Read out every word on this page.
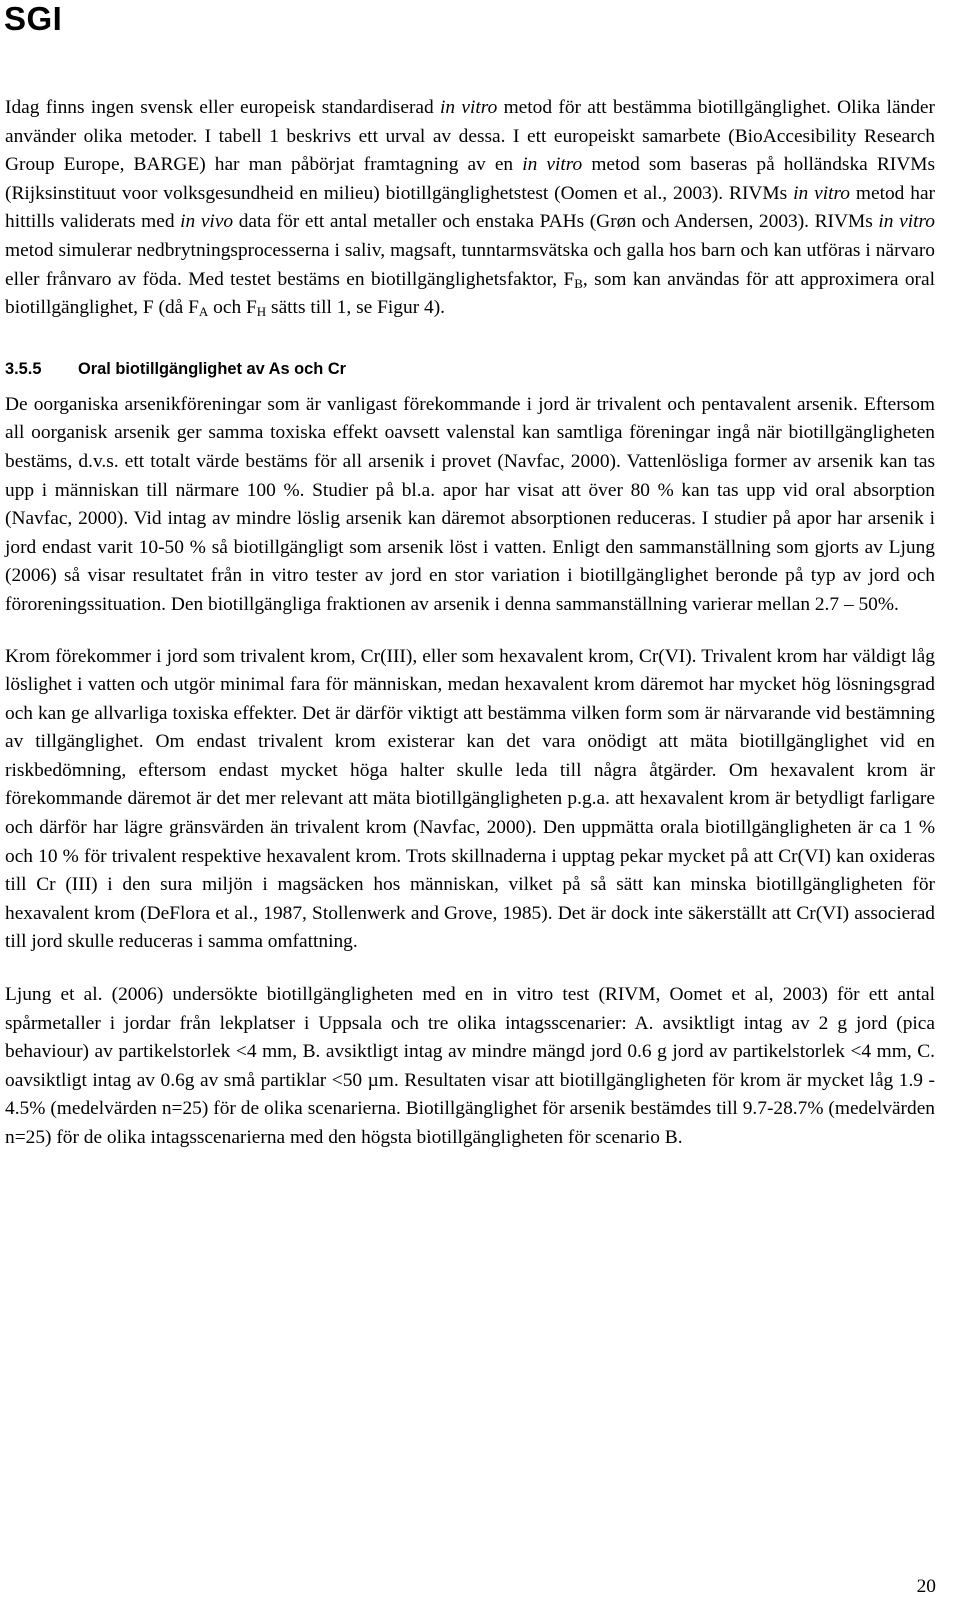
SGI

Idag finns ingen svensk eller europeisk standardiserad in vitro metod för att bestämma biotillgänglighet. Olika länder använder olika metoder. I tabell 1 beskrivs ett urval av dessa. I ett europeiskt samarbete (BioAccesibility Research Group Europe, BARGE) har man påbörjat framtagning av en in vitro metod som baseras på holländska RIVMs (Rijksinstituut voor volksgesundheid en milieu) biotillgänglighetstest (Oomen et al., 2003). RIVMs in vitro metod har hittills validerats med in vivo data för ett antal metaller och enstaka PAHs (Grøn och Andersen, 2003). RIVMs in vitro metod simulerar nedbrytningsprocesserna i saliv, magsaft, tunntarmsvätska och galla hos barn och kan utföras i närvaro eller frånvaro av föda. Med testet bestäms en biotillgänglighetsfaktor, $F_B$, som kan användas för att approximera oral biotillgänglighet, F (då $F_A$ och $F_H$ sätts till 1, se Figur 4).

3.5.5	Oral biotillgänglighet av As och Cr

De oorganiska arsenikföreningar som är vanligast förekommande i jord är trivalent och pentavalent arsenik. Eftersom all oorganisk arsenik ger samma toxiska effekt oavsett valenstal kan samtliga föreningar ingå när biotillgängligheten bestäms, d.v.s. ett totalt värde bestäms för all arsenik i provet (Navfac, 2000). Vattenlösliga former av arsenik kan tas upp i människan till närmare 100 %. Studier på bl.a. apor har visat att över 80 % kan tas upp vid oral absorption (Navfac, 2000). Vid intag av mindre löslig arsenik kan däremot absorptionen reduceras. I studier på apor har arsenik i jord endast varit 10-50 % så biotillgängligt som arsenik löst i vatten. Enligt den sammanställning som gjorts av Ljung (2006) så visar resultatet från in vitro tester av jord en stor variation i biotillgänglighet beronde på typ av jord och föroreningssituation. Den biotillgängliga fraktionen av arsenik i denna sammanställning varierar mellan 2.7 – 50%.

Krom förekommer i jord som trivalent krom, Cr(III), eller som hexavalent krom, Cr(VI). Trivalent krom har väldigt låg löslighet i vatten och utgör minimal fara för människan, medan hexavalent krom däremot har mycket hög lösningsgrad och kan ge allvarliga toxiska effekter. Det är därför viktigt att bestämma vilken form som är närvarande vid bestämning av tillgänglighet. Om endast trivalent krom existerar kan det vara onödigt att mäta biotillgänglighet vid en riskbedömning, eftersom endast mycket höga halter skulle leda till några åtgärder. Om hexavalent krom är förekommande däremot är det mer relevant att mäta biotillgängligheten p.g.a. att hexavalent krom är betydligt farligare och därför har lägre gränsvärden än trivalent krom (Navfac, 2000). Den uppmätta orala biotillgängligheten är ca 1 % och 10 % för trivalent respektive hexavalent krom. Trots skillnaderna i upptag pekar mycket på att Cr(VI) kan oxideras till Cr (III) i den sura miljön i magsäcken hos människan, vilket på så sätt kan minska biotillgängligheten för hexavalent krom (DeFlora et al., 1987, Stollenwerk and Grove, 1985). Det är dock inte säkerställt att Cr(VI) associerad till jord skulle reduceras i samma omfattning.

Ljung et al. (2006) undersökte biotillgängligheten med en in vitro test (RIVM, Oomet et al, 2003) för ett antal spårmetaller i jordar från lekplatser i Uppsala och tre olika intagsscenarier: A. avsiktligt intag av 2 g jord (pica behaviour) av partikelstorlek <4 mm, B. avsiktligt intag av mindre mängd jord 0.6 g jord av partikelstorlek <4 mm, C. oavsiktligt intag av 0.6g av små partiklar <50 µm. Resultaten visar att biotillgängligheten för krom är mycket låg 1.9 - 4.5% (medelvärden n=25) för de olika scenarierna. Biotillgänglighet för arsenik bestämdes till 9.7-28.7% (medelvärden n=25) för de olika intagsscenarierna med den högsta biotillgängligheten för scenario B.

20
